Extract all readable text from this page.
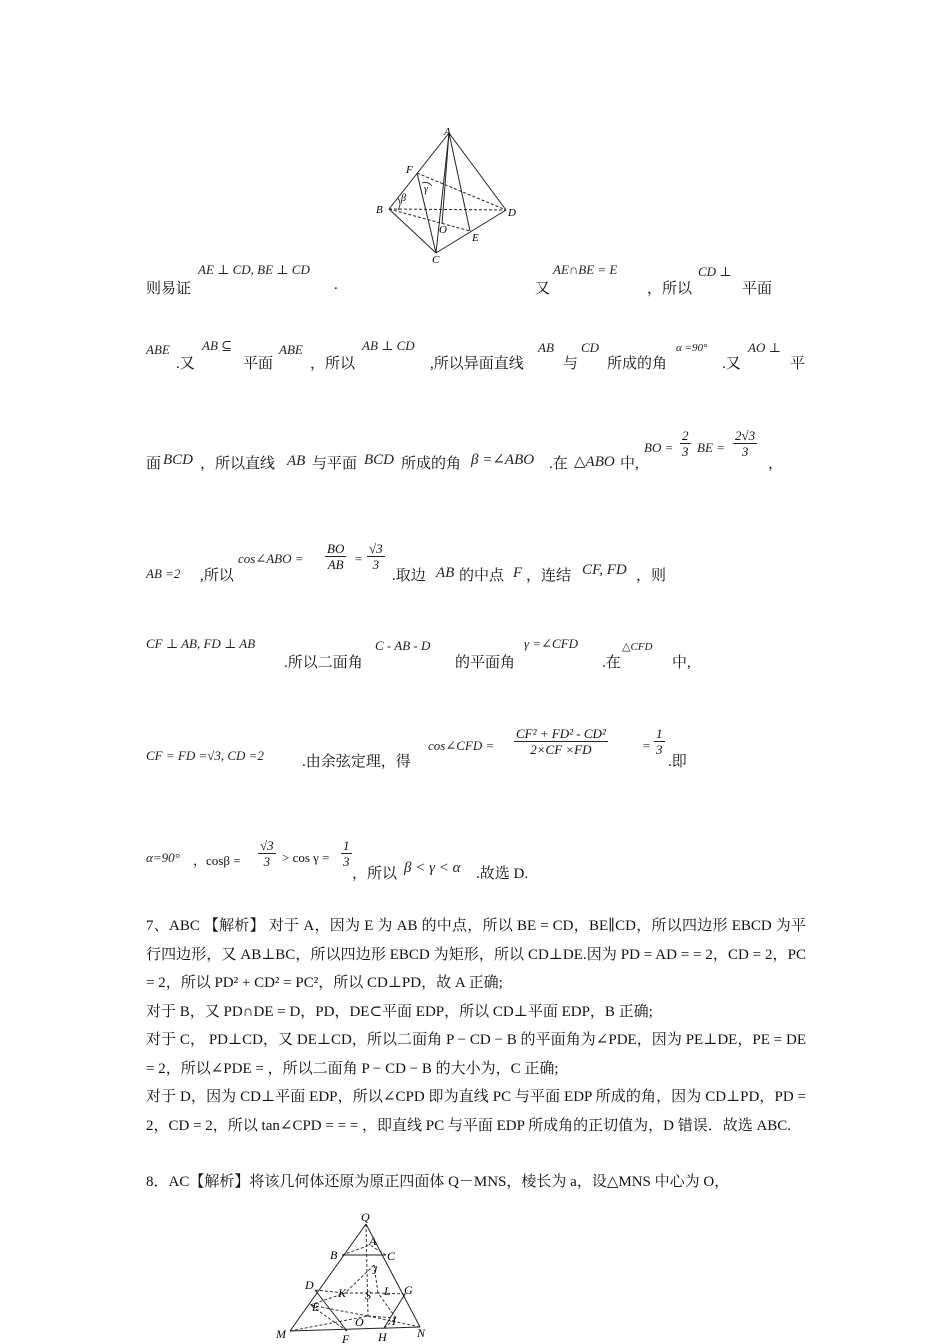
A
B
C
D
E
F
O
β
γ
则易证
AE ⊥ CD, BE ⊥ CD
.	又
AE∩BE = E
，所以
CD ⊥
平面
ABE
.又
AB ⊆
平面
ABE
，所以
AB ⊥ CD
,所以异面直线
AB
与
CD
所成的角
α =90°
.又
AO ⊥
平
面 BCD ，所以直线 AB 与平面 BCD 所成的角 β =∠ABO .在 △ABO 中,
BO = $\frac{2}{3}$ BE = $\frac{2√3}{3}$
，
AB =2 ,所以
cos∠ABO = $\frac{BO}{AB} = \frac{√3}{3}$
.取边 AB 的中点 F ，连结 CF, FD ，则
CF ⊥ AB, FD ⊥ AB
.所以二面角
C - AB - D
的平面角
γ =∠CFD
.在
△CFD
中,
CF = FD =√3, CD =2	.由余弦定理，得
cos∠CFD = $\frac{\text{CF² + FD² - CD²}}{2\times CF \times FD}$	= $\frac{1}{3}$
.即
α=90° ，$\cos\beta = \frac{√3}{3} > \cos \gamma = \frac{1}{3}$
，所以 β < γ < α .故选 D.

7、ABC 【解析】 对于 A，因为 E 为 AB 的中点，所以 BE = CD，BE∥CD，所以四边形 EBCD 为平行四边形，又 AB⊥BC，所以四边形 EBCD 为矩形，所以 CD⊥DE.因为 PD = AD = = 2，CD = 2，PC = 2，所以 PD² + CD² = PC²，所以 CD⊥PD，故 A 正确;

对于 B，又 PD∩DE = D，PD，DE⊂平面 EDP，所以 CD⊥平面 EDP，B 正确;

对于 C， PD⊥CD，又 DE⊥CD，所以二面角 P − CD − B 的平面角为∠PDE，因为 PE⊥DE，PE = DE = 2，所以∠PDE = ，所以二面角 P − CD − B 的大小为，C 正确;

对于 D，因为 CD⊥平面 EDP，所以∠CPD 即为直线 PC 与平面 EDP 所成的角，因为 CD⊥PD，PD = 2，CD = 2，所以 tan∠CPD = = = ，即直线 PC 与平面 EDP 所成角的正切值为，D 错误．故选 ABC.

8．AC【解析】将该几何体还原为原正四面体 Q－MNS，棱长为 a，设△MNS 中心为 O，

Q
A
B	C
J
D	G
K S L
E
I
O
M	F H	N
